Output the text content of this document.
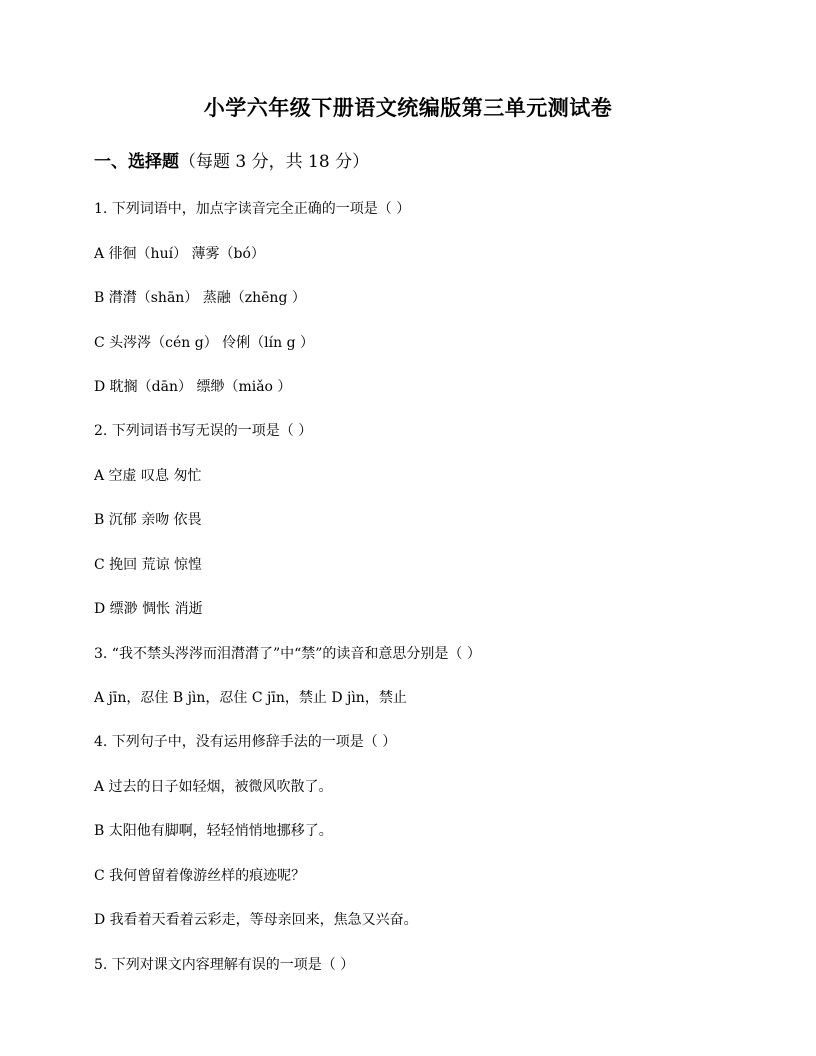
小学六年级下册语文统编版第三单元测试卷
一、选择题（每题 3 分，共 18 分）
1. 下列词语中，加点字读音完全正确的一项是（ ）
A 徘徊（huí） 薄雾（bó）
B 潸潸（shān） 蒸融（zhēng ）
C 头涔涔（cén g） 伶俐（lín g ）
D 耽搁（dān） 缥缈（miǎo ）
2. 下列词语书写无误的一项是（ ）
A 空虚 叹息 匆忙
B 沉郁 亲吻 依畏
C 挽回 荒谅 惊惶
D 缥渺 惆怅 消逝
3. “我不禁头涔涔而泪潸潸了”中“禁”的读音和意思分别是（ ）
A jīn，忍住 B jìn，忍住 C jīn，禁止 D jìn，禁止
4. 下列句子中，没有运用修辞手法的一项是（ ）
A 过去的日子如轻烟，被微风吹散了。
B 太阳他有脚啊，轻轻悄悄地挪移了。
C 我何曾留着像游丝样的痕迹呢？
D 我看着天看着云彩走，等母亲回来，焦急又兴奋。
5. 下列对课文内容理解有误的一项是（ ）
